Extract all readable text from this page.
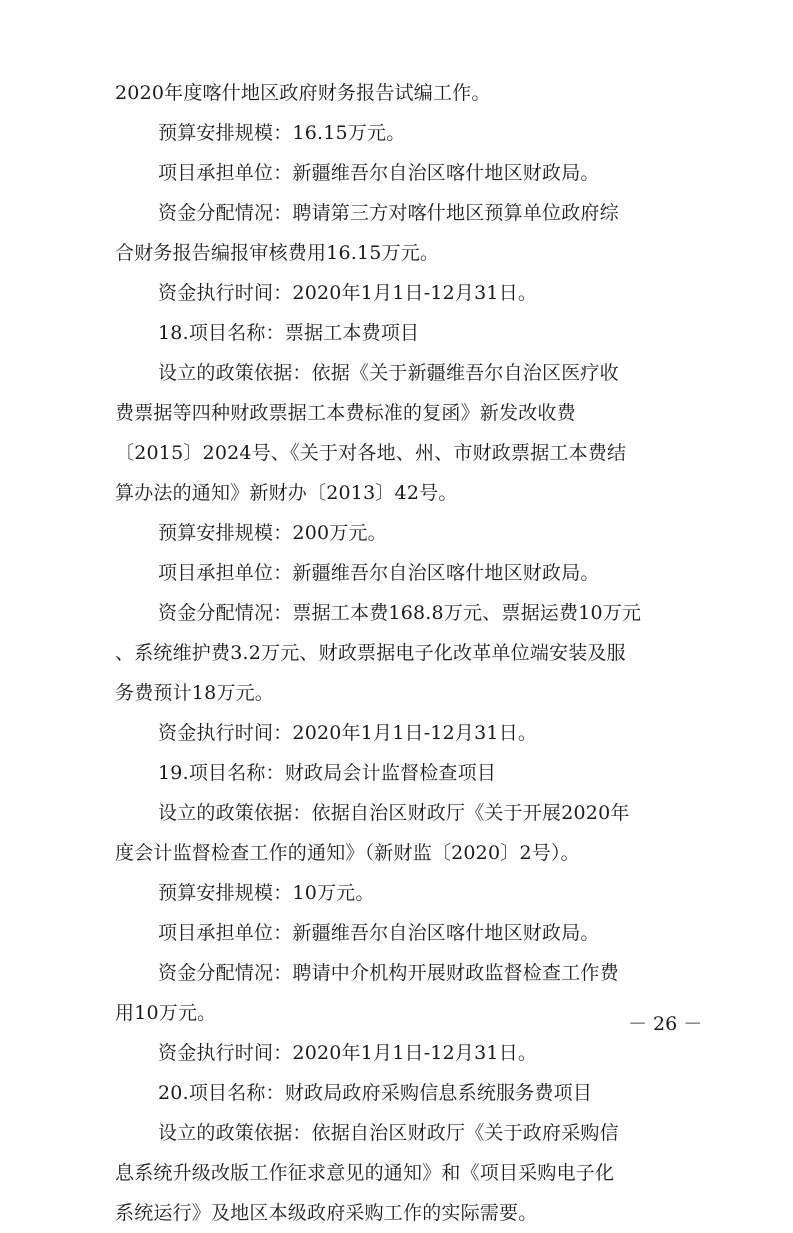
2020年度喀什地区政府财务报告试编工作。
预算安排规模：16.15万元。
项目承担单位：新疆维吾尔自治区喀什地区财政局。
资金分配情况：聘请第三方对喀什地区预算单位政府综
合财务报告编报审核费用16.15万元。
资金执行时间：2020年1月1日-12月31日。
18.项目名称：票据工本费项目
设立的政策依据：依据《关于新疆维吾尔自治区医疗收
费票据等四种财政票据工本费标准的复函》新发改收费
〔2015〕2024号、《关于对各地、州、市财政票据工本费结
算办法的通知》新财办〔2013〕42号。
预算安排规模：200万元。
项目承担单位：新疆维吾尔自治区喀什地区财政局。
资金分配情况：票据工本费168.8万元、票据运费10万元
、系统维护费3.2万元、财政票据电子化改革单位端安装及服
务费预计18万元。
资金执行时间：2020年1月1日-12月31日。
19.项目名称：财政局会计监督检查项目
设立的政策依据：依据自治区财政厅《关于开展2020年
度会计监督检查工作的通知》（新财监〔2020〕2号）。
预算安排规模：10万元。
项目承担单位：新疆维吾尔自治区喀什地区财政局。
资金分配情况：聘请中介机构开展财政监督检查工作费
用10万元。
资金执行时间：2020年1月1日-12月31日。
20.项目名称：财政局政府采购信息系统服务费项目
设立的政策依据：依据自治区财政厅《关于政府采购信
息系统升级改版工作征求意见的通知》和《项目采购电子化
系统运行》及地区本级政府采购工作的实际需要。
－ 26 －
